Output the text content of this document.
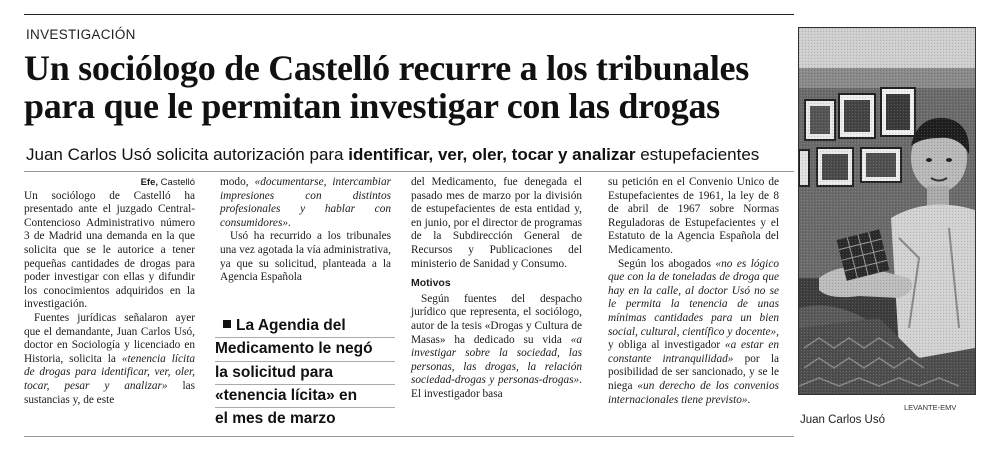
INVESTIGACIÓN
Un sociólogo de Castelló recurre a los tribunales
para que le permitan investigar con las drogas
Juan Carlos Usó solicita autorización para identificar, ver, oler, tocar y analizar estupefacientes
Efe, Castelló

Un sociólogo de Castelló ha presentado ante el juzgado Central-Contencioso Administrativo número 3 de Madrid una demanda en la que solicita que se le autorice a tener pequeñas cantidades de drogas para poder investigar con ellas y difundir los conocimientos adquiridos en la investigación.

Fuentes jurídicas señalaron ayer que el demandante, Juan Carlos Usó, doctor en Sociología y licenciado en Historia, solicita la «tenencia lícita de drogas para identificar, ver, oler, tocar, pesar y analizar» las sustancias y, de este

modo, «documentarse, intercambiar impresiones con distintos profesionales y hablar con consumidores».

Usó ha recurrido a los tribunales una vez agotada la vía administrativa, ya que su solicitud, planteada a la Agencia Española

La Agendia del
Medicamento le negó
la solicitud para
«tenencia lícita» en
el mes de marzo

del Medicamento, fue denegada el pasado mes de marzo por la división de estupefacientes de esta entidad y, en junio, por el director de programas de la Subdirección General de Recursos y Publicaciones del ministerio de Sanidad y Consumo.

Motivos

Según fuentes del despacho jurídico que representa, el sociólogo, autor de la tesis «Drogas y Cultura de Masas» ha dedicado su vida «a investigar sobre la sociedad, las personas, las drogas, la relación sociedad-drogas y personas-drogas». El investigador basa

su petición en el Convenio Unico de Estupefacientes de 1961, la ley de 8 de abril de 1967 sobre Normas Reguladoras de Estupefacientes y el Estatuto de la Agencia Española del Medicamento.

Según los abogados «no es lógico que con la de toneladas de droga que hay en la calle, al doctor Usó no se le permita la tenencia de unas mínimas cantidades para un bien social, cultural, científico y docente», y obliga al investigador «a estar en constante intranquilidad» por la posibilidad de ser sancionado, y se le niega «un derecho de los convenios internacionales tiene previsto».

LEVANTE-EMV
Juan Carlos Usó
